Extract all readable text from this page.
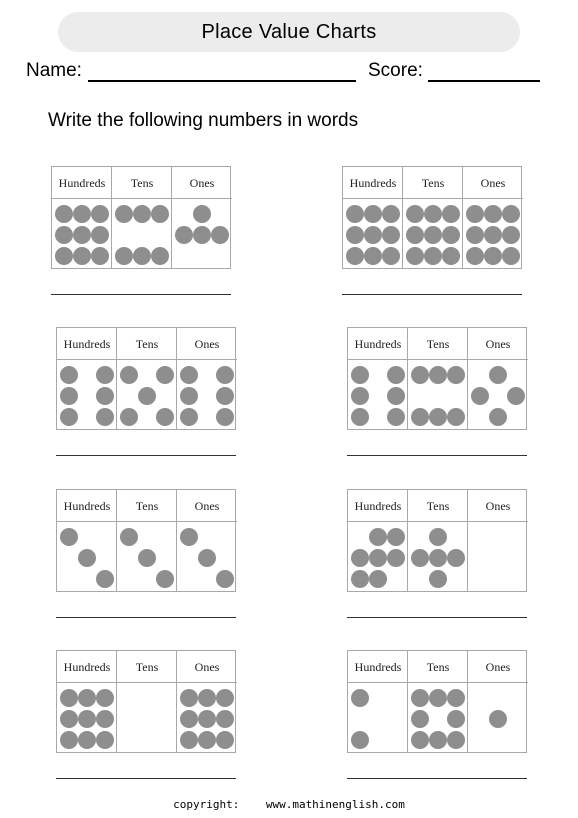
Place Value Charts
Name:	Score:
Write the following numbers in words
Hundreds	Tens	Ones	Hundreds	Tens	Ones
Hundreds	Tens	Ones	Hundreds	Tens	Ones
Hundreds	Tens	Ones	Hundreds	Tens	Ones
Hundreds	Tens	Ones	Hundreds	Tens	Ones
copyright: www.mathinenglish.com
